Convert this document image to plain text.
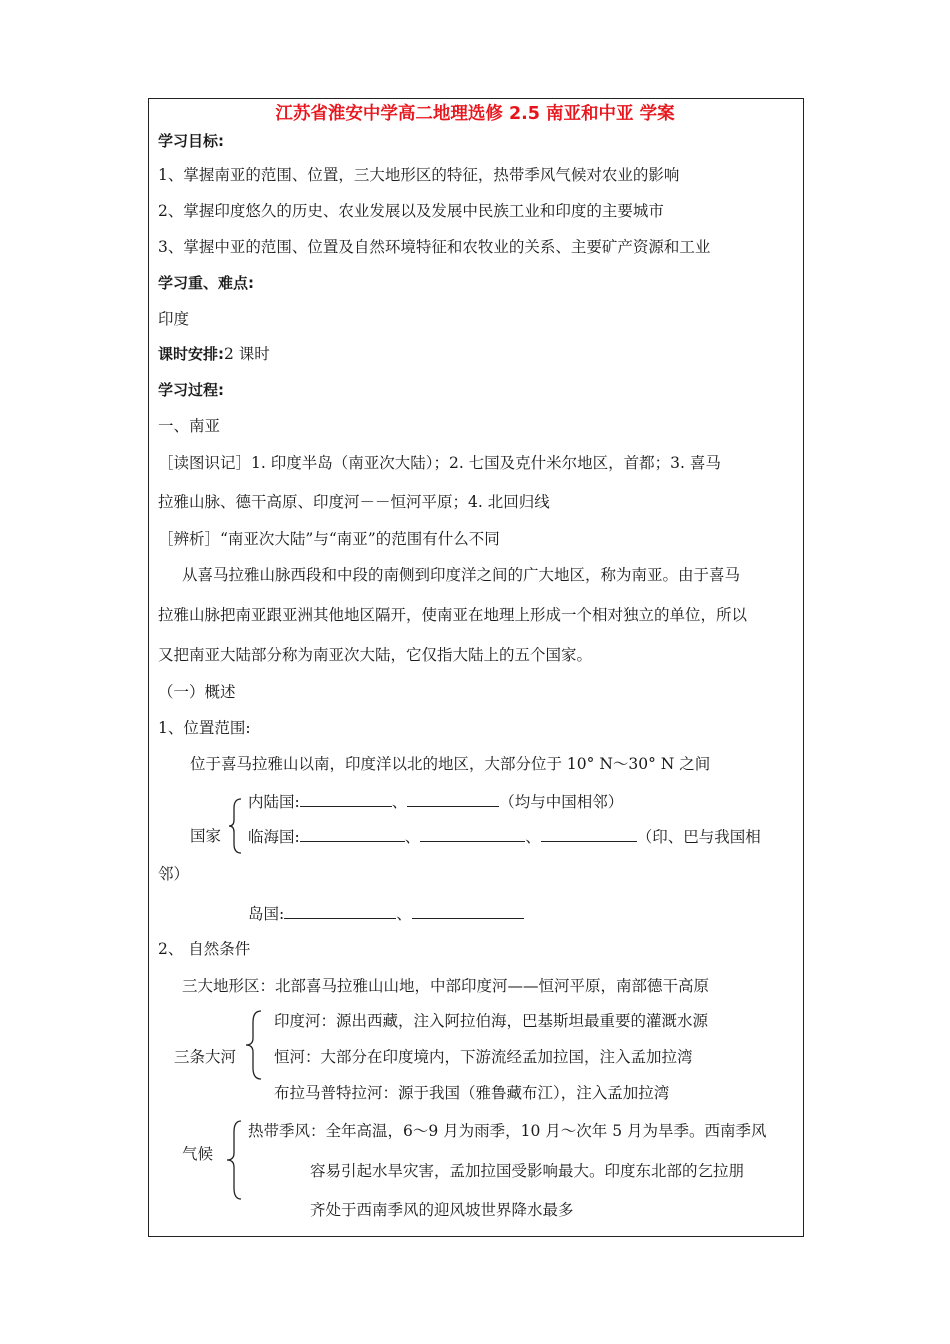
江苏省淮安中学高二地理选修 2.5 南亚和中亚 学案
学习目标:
1、掌握南亚的范围、位置，三大地形区的特征，热带季风气候对农业的影响
2、掌握印度悠久的历史、农业发展以及发展中民族工业和印度的主要城市
3、掌握中亚的范围、位置及自然环境特征和农牧业的关系、主要矿产资源和工业
学习重、难点:
印度
课时安排:2 课时
学习过程:
一、南亚
［读图识记］1. 印度半岛（南亚次大陆）；2. 七国及克什米尔地区，首都；3. 喜马
拉雅山脉、德干高原、印度河－－恒河平原；4. 北回归线
［辨析］“南亚次大陆”与“南亚”的范围有什么不同
从喜马拉雅山脉西段和中段的南侧到印度洋之间的广大地区，称为南亚。由于喜马
拉雅山脉把南亚跟亚洲其他地区隔开，使南亚在地理上形成一个相对独立的单位，所以
又把南亚大陆部分称为南亚次大陆，它仅指大陆上的五个国家。
（一）概述
1、位置范围:
位于喜马拉雅山以南，印度洋以北的地区，大部分位于 10° N～30° N 之间
国家
内陆国:	、	（均与中国相邻）
临海国:	、	、	（印、巴与我国相
邻）
岛国:	、
2、 自然条件
三大地形区：北部喜马拉雅山山地，中部印度河——恒河平原，南部德干高原
三条大河
印度河：源出西藏，注入阿拉伯海，巴基斯坦最重要的灌溉水源
恒河：大部分在印度境内，下游流经孟加拉国，注入孟加拉湾
布拉马普特拉河：源于我国（雅鲁藏布江），注入孟加拉湾
气候
热带季风：全年高温，6～9 月为雨季，10 月～次年 5 月为旱季。西南季风
容易引起水旱灾害，孟加拉国受影响最大。印度东北部的乞拉朋
齐处于西南季风的迎风坡世界降水最多
